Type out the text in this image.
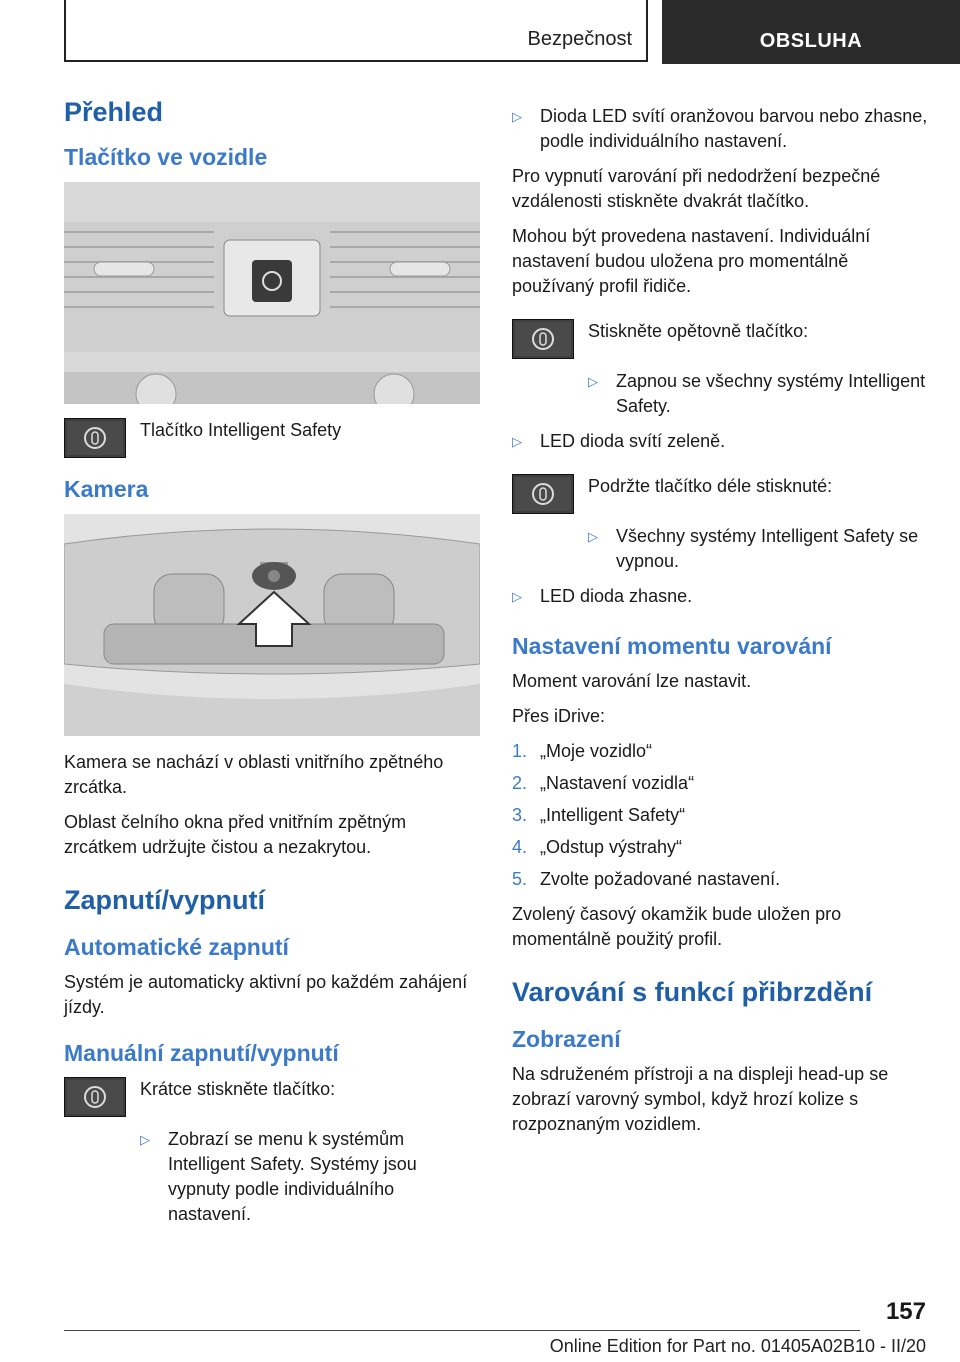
Bezpečnost	OBSLUHA
Přehled
Tlačítko ve vozidle
Tlačítko Intelligent Safety
Kamera

Kamera se nachází v oblasti vnitřního zpětného zrcátka.

Oblast čelního okna před vnitřním zpětným zrcátkem udržujte čistou a nezakrytou.

Zapnutí/vypnutí
Automatické zapnutí

Systém je automaticky aktivní po každém zahájení jízdy.

Manuální zapnutí/vypnutí
Krátce stiskněte tlačítko:
▷	Zobrazí se menu k systémům Intelligent Safety. Systémy jsou vypnuty podle individuálního nastavení.
▷	Dioda LED svítí oranžovou barvou nebo zhasne, podle individuálního nastavení.

Pro vypnutí varování při nedodržení bezpečné vzdálenosti stiskněte dvakrát tlačítko.

Mohou být provedena nastavení. Individuální nastavení budou uložena pro momentálně používaný profil řidiče.

Stiskněte opětovně tlačítko:
▷	Zapnou se všechny systémy Intelligent Safety.
▷	LED dioda svítí zeleně.
Podržte tlačítko déle stisknuté:
▷	Všechny systémy Intelligent Safety se vypnou.
▷	LED dioda zhasne.
Nastavení momentu varování

Moment varování lze nastavit.

Přes iDrive:

1. „Moje vozidlo“
2. „Nastavení vozidla“
3. „Intelligent Safety“
4. „Odstup výstrahy“
5. Zvolte požadované nastavení.

Zvolený časový okamžik bude uložen pro momentálně použitý profil.

Varování s funkcí přibrzdění
Zobrazení

Na sdruženém přístroji a na displeji head-up se zobrazí varovný symbol, když hrozí kolize s rozpoznaným vozidlem.

157
Online Edition for Part no. 01405A02B10 - II/20
